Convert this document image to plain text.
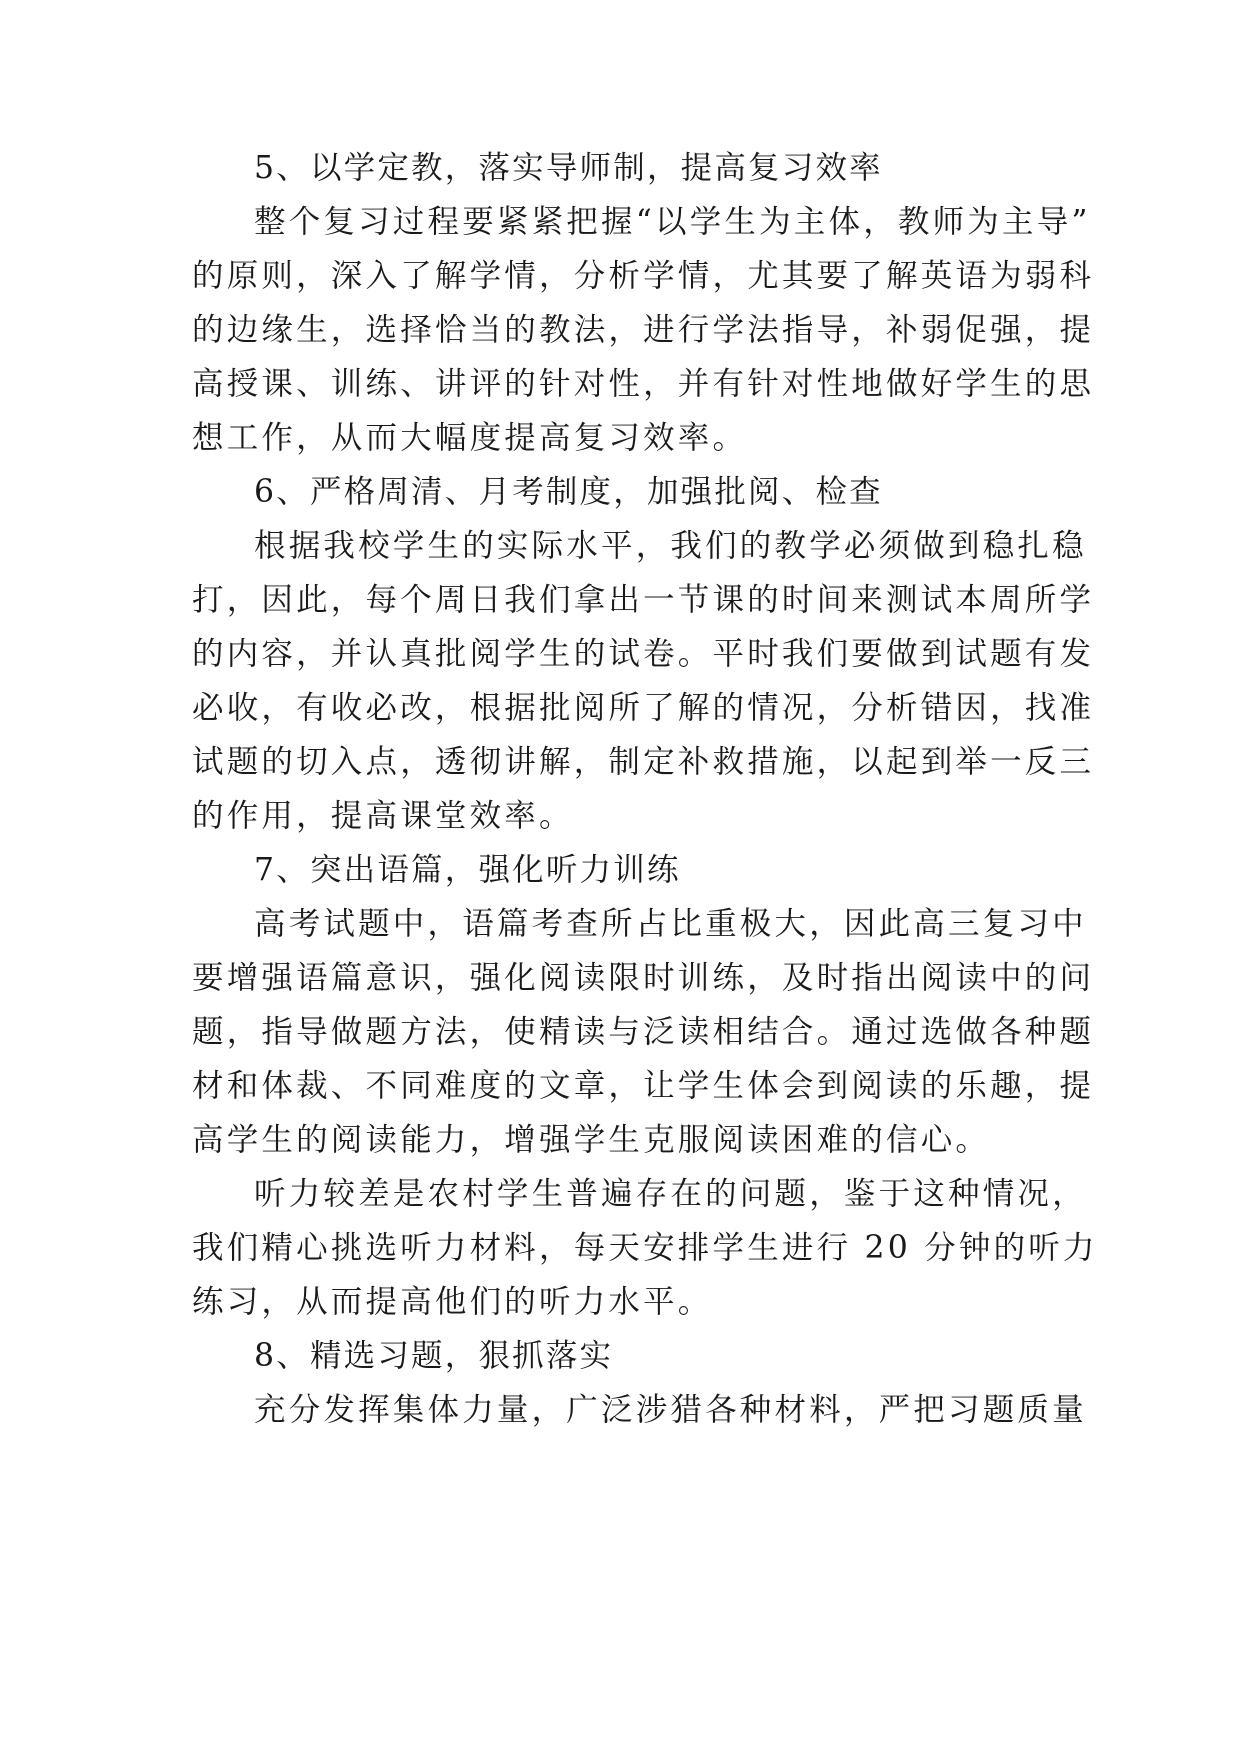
5、以学定教，落实导师制，提高复习效率
整个复习过程要紧紧把握“以学生为主体，教师为主导”
的原则，深入了解学情，分析学情，尤其要了解英语为弱科
的边缘生，选择恰当的教法，进行学法指导，补弱促强，提
高授课、训练、讲评的针对性，并有针对性地做好学生的思
想工作，从而大幅度提高复习效率。
6、严格周清、月考制度，加强批阅、检查
根据我校学生的实际水平，我们的教学必须做到稳扎稳
打，因此，每个周日我们拿出一节课的时间来测试本周所学
的内容，并认真批阅学生的试卷。平时我们要做到试题有发
必收，有收必改，根据批阅所了解的情况，分析错因，找准
试题的切入点，透彻讲解，制定补救措施，以起到举一反三
的作用，提高课堂效率。
7、突出语篇，强化听力训练
高考试题中，语篇考查所占比重极大，因此高三复习中
要增强语篇意识，强化阅读限时训练，及时指出阅读中的问
题，指导做题方法，使精读与泛读相结合。通过选做各种题
材和体裁、不同难度的文章，让学生体会到阅读的乐趣，提
高学生的阅读能力，增强学生克服阅读困难的信心。
听力较差是农村学生普遍存在的问题，鉴于这种情况，
我们精心挑选听力材料，每天安排学生进行 20 分钟的听力
练习，从而提高他们的听力水平。
8、精选习题，狠抓落实
充分发挥集体力量，广泛涉猎各种材料，严把习题质量
